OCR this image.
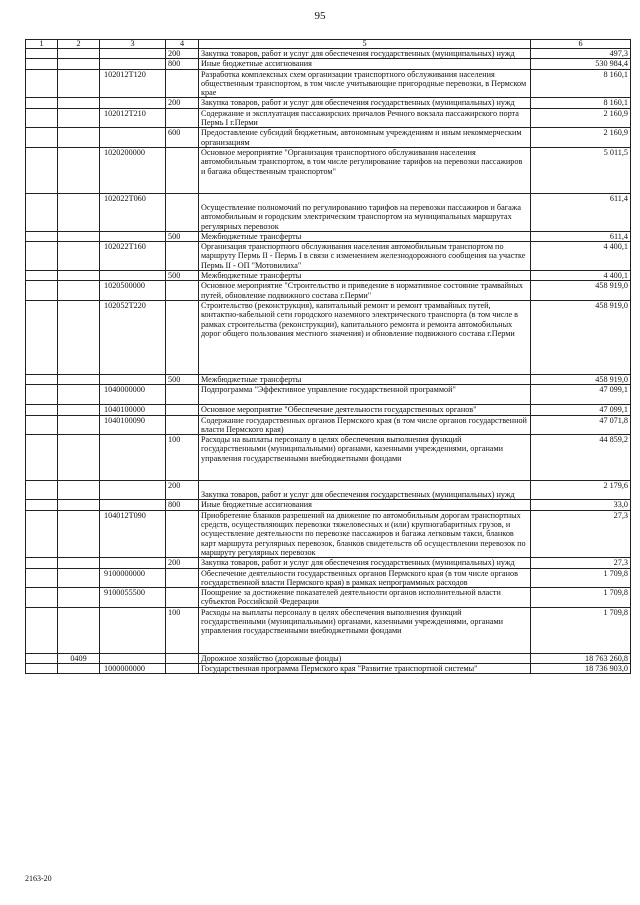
95
1	2	3	4	5	6
			200	Закупка товаров, работ и услуг для обеспечения государственных (муниципальных) нужд	497,3
			800	Иные бюджетные ассигнования	530 984,4
		102012T120		Разработка комплексных схем организации транспортного обслуживания населения общественным транспортом, в том числе учитывающие пригородные перевозки, в Пермском крае	8 160,1
			200	Закупка товаров, работ и услуг для обеспечения государственных (муниципальных) нужд	8 160,1
		102012T210		Содержание и эксплуатация пассажирских причалов Речного вокзала пассажирского порта Пермь I г.Перми	2 160,9
			600	Предоставление субсидий бюджетным, автономным учреждениям и иным некоммерческим организациям	2 160,9
		1020200000		Основное мероприятие "Организация транспортного обслуживания населения автомобильным транспортом, в том числе регулирование тарифов на перевозки пассажиров и багажа общественным транспортом"	5 011,5
		102022T060		Осуществление полномочий по регулированию тарифов на перевозки пассажиров и багажа автомобильным и городским электрическим транспортом на муниципальных маршрутах регулярных перевозок	611,4
			500	Межбюджетные трансферты	611,4
		102022T160		Организация транспортного обслуживания населения автомобильным транспортом по маршруту Пермь II - Пермь I в связи с изменением железнодорожного сообщения на участке Пермь II - ОП "Мотовилиха"	4 400,1
			500	Межбюджетные трансферты	4 400,1
		1020500000		Основное мероприятие "Строительство и приведение в нормативное состояние трамвайных путей, обновление подвижного состава г.Перми"	458 919,0
		102052T220		Строительство (реконструкция), капитальный ремонт и ремонт трамвайных путей, контактно-кабельной сети городского наземного электрического транспорта (в том числе в рамках строительства (реконструкции), капитального ремонта и ремонта автомобильных дорог общего пользования местного значения) и обновление подвижного состава г.Перми	458 919,0
			500	Межбюджетные трансферты	458 919,0
		1040000000		Подпрограмма "Эффективное управление государственной программой"	47 099,1
		1040100000		Основное мероприятие "Обеспечение деятельности государственных органов"	47 099,1
		1040100090		Содержание государственных органов Пермского края (в том числе органов государственной власти Пермского края)	47 071,8
			100	Расходы на выплаты персоналу в целях обеспечения выполнения функций государственными (муниципальными) органами, казенными учреждениями, органами управления государственными внебюджетными фондами	44 859,2
			200	Закупка товаров, работ и услуг для обеспечения государственных (муниципальных) нужд	2 179,6
			800	Иные бюджетные ассигнования	33,0
		104012T090		Приобретение бланков разрешений на движение по автомобильным дорогам транспортных средств, осуществляющих перевозки тяжеловесных и (или) крупногабаритных грузов, и осуществление деятельности по перевозке пассажиров и багажа легковым такси, бланков карт маршрута регулярных перевозок, бланков свидетельств об осуществлении перевозок по маршруту регулярных перевозок	27,3
			200	Закупка товаров, работ и услуг для обеспечения государственных (муниципальных) нужд	27,3
		9100000000		Обеспечение деятельности государственных органов Пермского края (в том числе органов государственной власти Пермского края) в рамках непрограммных расходов	1 709,8
		9100055500		Поощрение за достижение показателей деятельности органов исполнительной власти субъектов Российской Федерации	1 709,8
			100	Расходы на выплаты персоналу в целях обеспечения выполнения функций государственными (муниципальными) органами, казенными учреждениями, органами управления государственными внебюджетными фондами	1 709,8
	0409			Дорожное хозяйство (дорожные фонды)	18 763 260,8
		1000000000		Государственная программа Пермского края "Развитие транспортной системы"	18 736 903,0
2163-20
